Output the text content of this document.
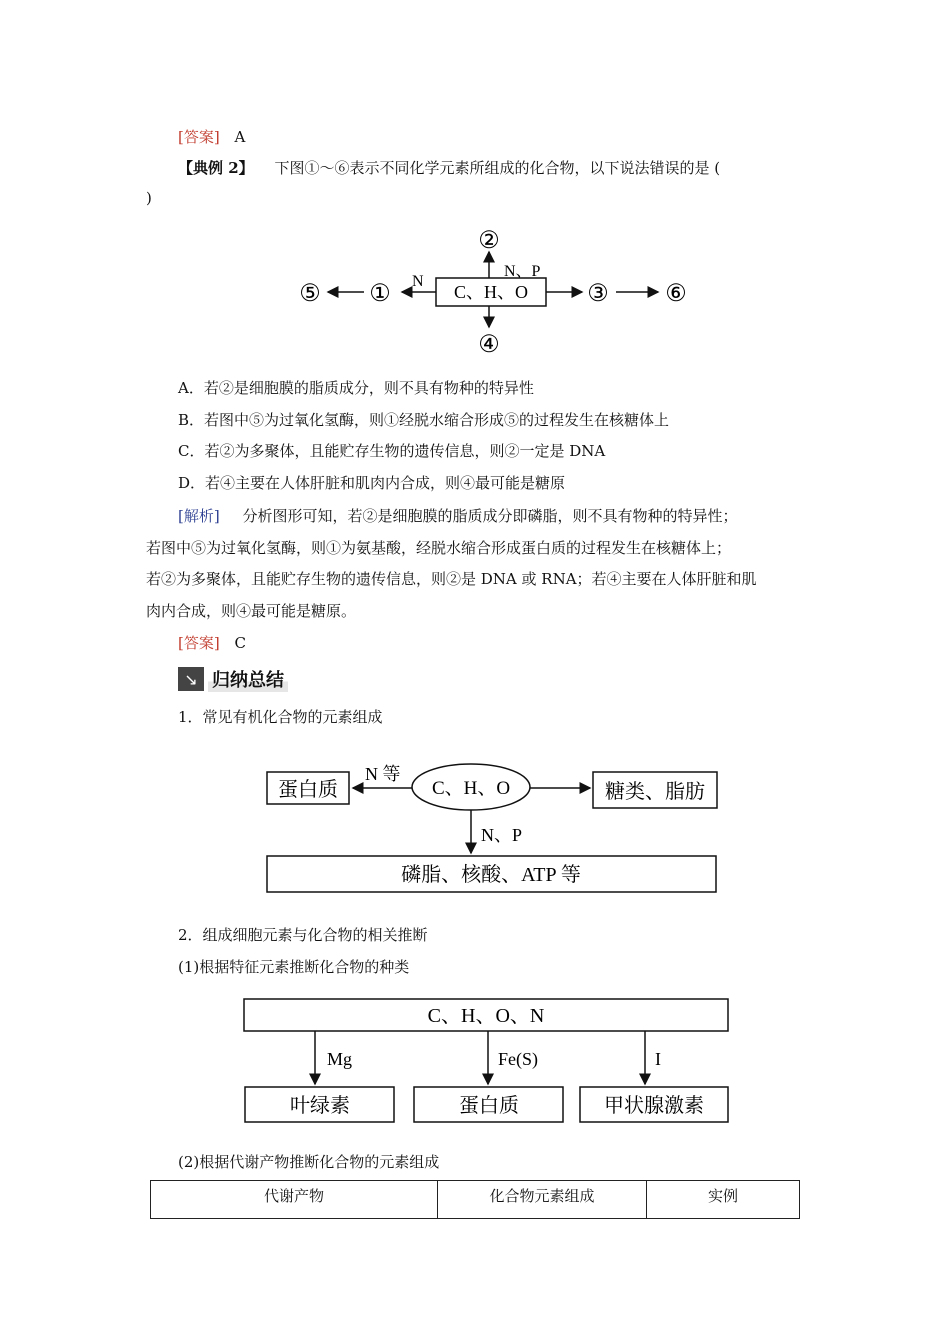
[答案] A
【典例 2】 下图①～⑥表示不同化学元素所组成的化合物，以下说法错误的是 (
)
C、H、O
②
N、P
④
N
①
⑤	③ ⑥
A．若②是细胞膜的脂质成分，则不具有物种的特异性
B．若图中⑤为过氧化氢酶，则①经脱水缩合形成⑤的过程发生在核糖体上
C．若②为多聚体，且能贮存生物的遗传信息，则②一定是 DNA
D．若④主要在人体肝脏和肌肉内合成，则④最可能是糖原
[解析] 分析图形可知，若②是细胞膜的脂质成分即磷脂，则不具有物种的特异性；
若图中⑤为过氧化氢酶，则①为氨基酸，经脱水缩合形成蛋白质的过程发生在核糖体上；
若②为多聚体，且能贮存生物的遗传信息，则②是 DNA 或 RNA；若④主要在人体肝脏和肌
肉内合成，则④最可能是糖原。
[答案] C
↘ 归纳总结
1．常见有机化合物的元素组成
蛋白质	C、H、O
N 等
糖类、脂肪
N、P
磷脂、核酸、ATP 等
2．组成细胞元素与化合物的相关推断
(1)根据特征元素推断化合物的种类
C、H、O、N
Mg
叶绿素
Fe(S)
蛋白质
I
甲状腺激素
(2)根据代谢产物推断化合物的元素组成
代谢产物	化合物元素组成	实例
